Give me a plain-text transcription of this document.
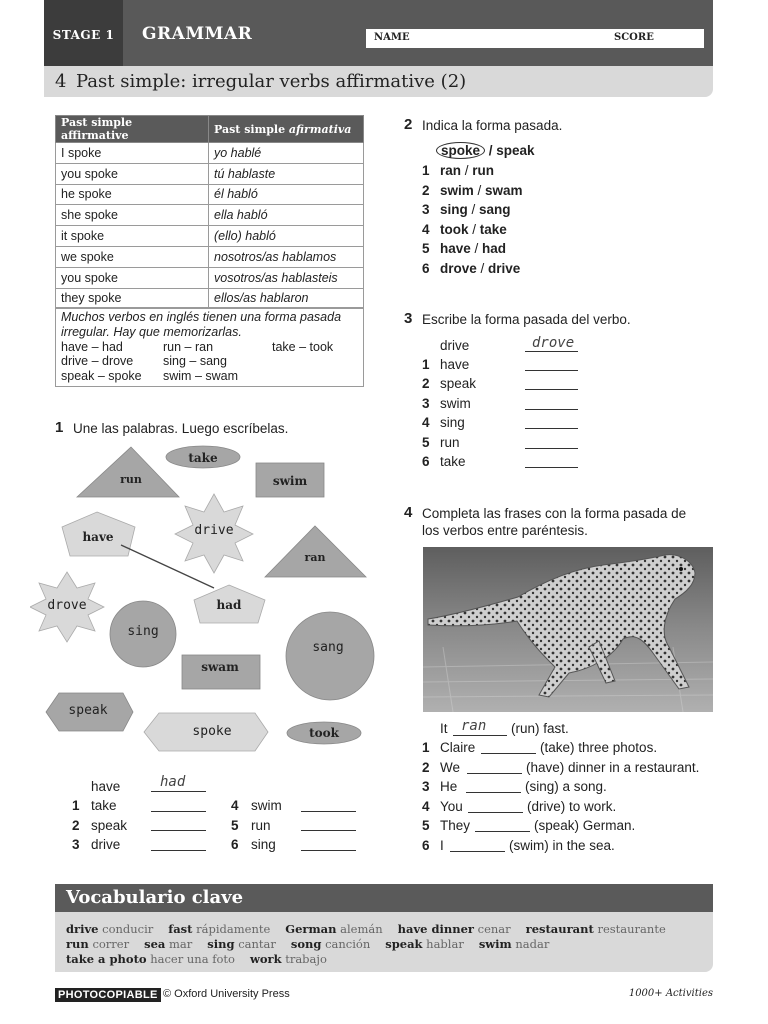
STAGE 1	GRAMMAR	NAME	SCORE
4 Past simple: irregular verbs affirmative (2)
Past simple affirmative	Past simple afirmativa
I spoke	yo hablé
you spoke	tú hablaste
he spoke	él habló
she spoke	ella habló
it spoke	(ello) habló
we spoke	nosotros/as hablamos
you spoke	vosotros/as hablasteis
they spoke	ellos/as hablaron
Muchos verbos en inglés tienen una forma pasada irregular. Hay que memorizarlas.
have – had	run – ran	take – took
drive – drove sing – sang
speak – spoke swim – swam
1 Une las palabras. Luego escríbelas.
run
take
swim
have	drive
ran
drove	had
sing
sang
swam
speak
spoke	took
have	had
1 take
2 speak
3 drive
4 swim
5 run
6 sing
2 Indica la forma pasada.
spoke / speak
1 ran / run
2 swim / swam
3 sing / sang
4 took / take
5 have / had
6 drove / drive
3 Escribe la forma pasada del verbo.
drive	drove
1 have
2 speak
3 swim
4 sing
5 run
6 take
4 Completa las frases con la forma pasada de
los verbos entre paréntesis.
It ran (run) fast.
1 Claire	(take) three photos.
2 We	(have) dinner in a restaurant.
3 He	(sing) a song.
4 You	(drive) to work.
5 They	(speak) German.
6 I	(swim) in the sea.
Vocabulario clave
drive conducir fast rápidamente German alemán have dinner cenar restaurant restaurante
run correr sea mar sing cantar song canción speak hablar swim nadar
take a photo hacer una foto work trabajo
PHOTOCOPIABLE © Oxford University Press	1000+ Activities
